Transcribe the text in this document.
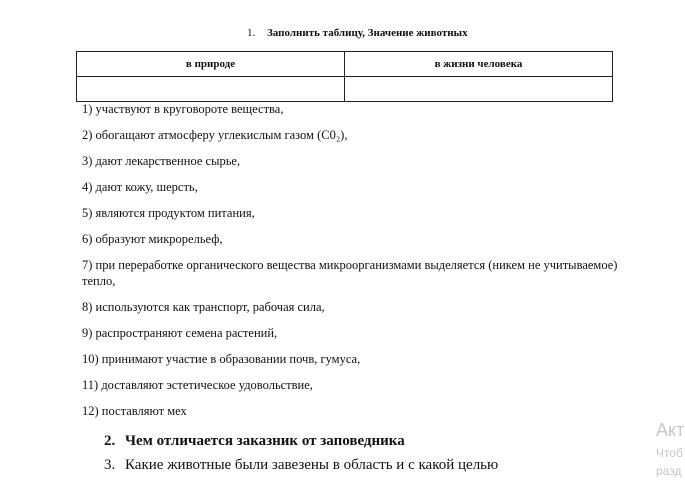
1. Заполнить таблицу, Значение животных
в природе	в жизни человека

1) участвуют в круговороте вещества,
2) обогащают атмосферу углекислым газом (С0₂),
3) дают лекарственное сырье,
4) дают кожу, шерсть,
5) являются продуктом питания,
6) образуют микрорельеф,
7) при переработке органического вещества микроорганизмами выделяется (никем не учитываемое) тепло,
8) используются как транспорт, рабочая сила,
9) распространяют семена растений,
10) принимают участие в образовании почв, гумуса,
11) доставляют эстетическое удовольствие,
12) поставляют мех
2. Чем отличается заказник от заповедника
3. Какие животные были завезены в область и с какой целью
Акт
Чтоб
разд
